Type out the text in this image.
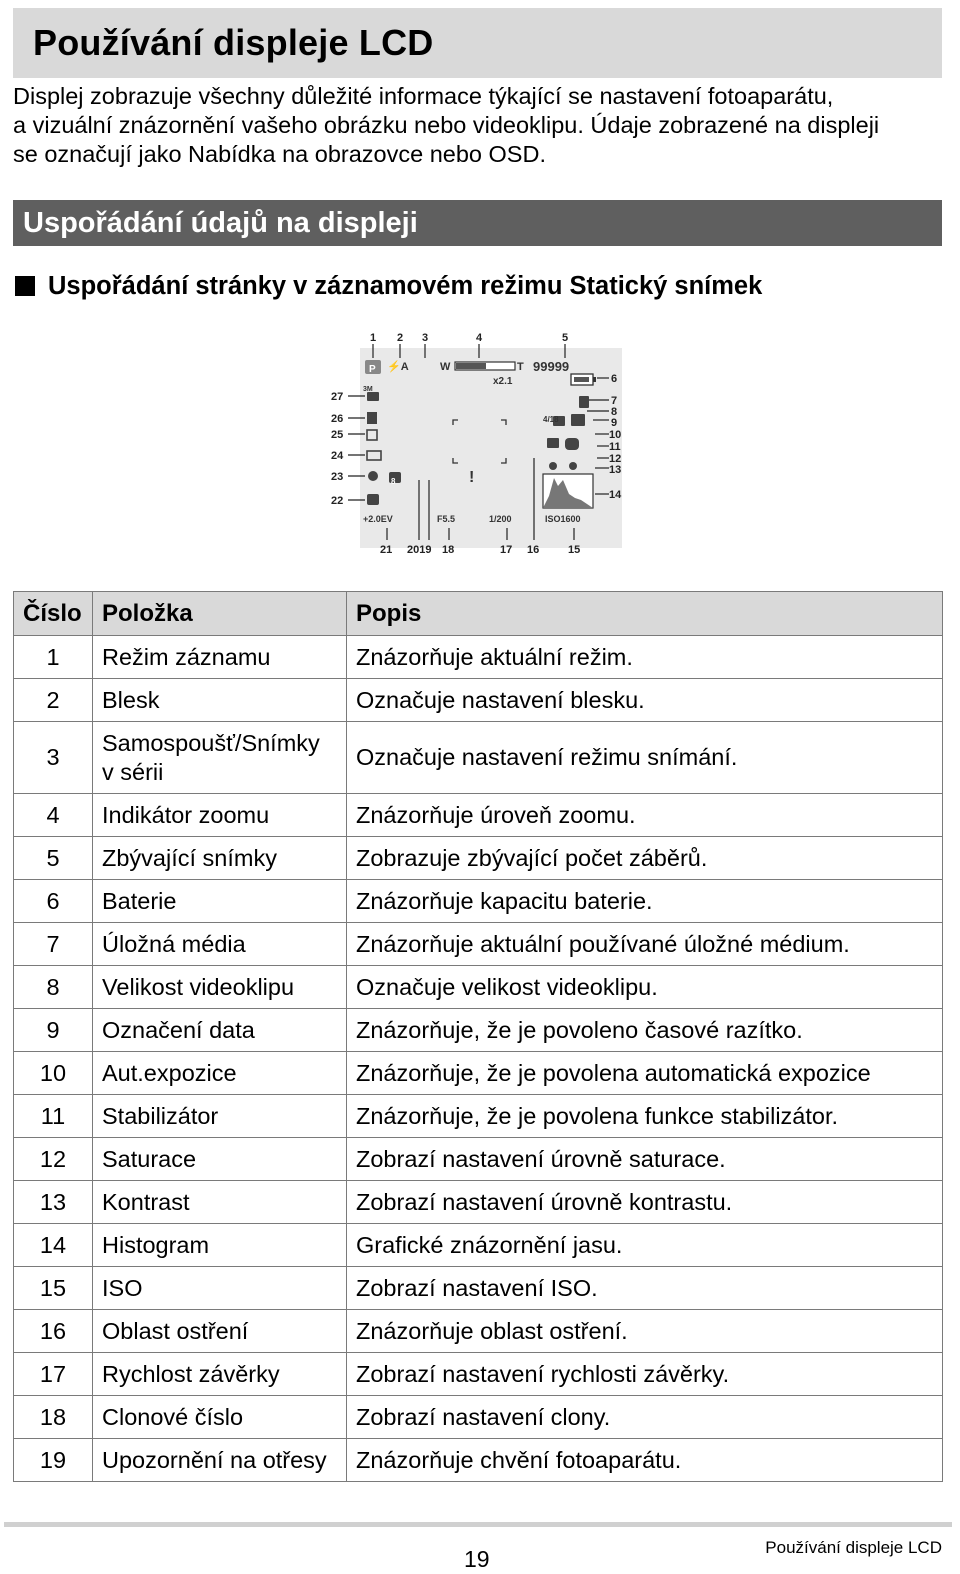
Používání displeje LCD

Displej zobrazuje všechny důležité informace týkající se nastavení fotoaparátu,
a vizuální znázornění vašeho obrázku nebo videoklipu. Údaje zobrazené na displeji
se označují jako Nabídka na obrazovce nebo OSD.

Uspořádání údajů na displeji
Uspořádání stránky v záznamovém režimu Statický snímek
P ⚡A	W	T
x2.1
99999
+2.0EV	F5.5	1/200	ISO1600
8
3M
4/18
!
1 2 3	4	5
6
7
8
9
10
11
12
13
14
27
26
25
24
23
22
21 2019 18	17 16	15
Číslo	Položka	Popis
1	Režim záznamu	Znázorňuje aktuální režim.
2	Blesk	Označuje nastavení blesku.
3	Samospoušť/Snímky
v sérii	Označuje nastavení režimu snímání.
4	Indikátor zoomu	Znázorňuje úroveň zoomu.
5	Zbývající snímky	Zobrazuje zbývající počet záběrů.
6	Baterie	Znázorňuje kapacitu baterie.
7	Úložná média	Znázorňuje aktuální používané úložné médium.
8	Velikost videoklipu	Označuje velikost videoklipu.
9	Označení data	Znázorňuje, že je povoleno časové razítko.
10	Aut.expozice	Znázorňuje, že je povolena automatická expozice
11	Stabilizátor	Znázorňuje, že je povolena funkce stabilizátor.
12	Saturace	Zobrazí nastavení úrovně saturace.
13	Kontrast	Zobrazí nastavení úrovně kontrastu.
14	Histogram	Grafické znázornění jasu.
15	ISO	Zobrazí nastavení ISO.
16	Oblast ostření	Znázorňuje oblast ostření.
17	Rychlost závěrky	Zobrazí nastavení rychlosti závěrky.
18	Clonové číslo	Zobrazí nastavení clony.
19	Upozornění na otřesy	Znázorňuje chvění fotoaparátu.
19	Používání displeje LCD
